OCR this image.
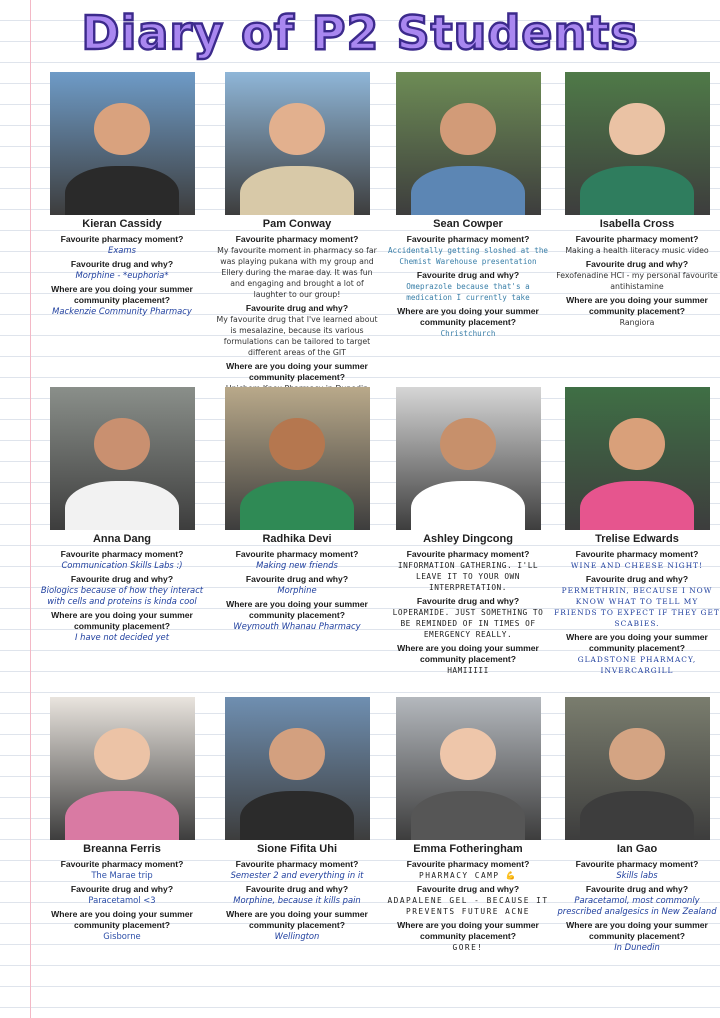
Diary of P2 Students
Kieran Cassidy
Favourite pharmacy moment?
Exams
Favourite drug and why?
Morphine - *euphoria*
Where are you doing your summer
community placement?
Mackenzie Community Pharmacy
Pam Conway
Favourite pharmacy moment?
My favourite moment in pharmacy so far was playing pukana with my group and Ellery during the marae day. It was fun and engaging and brought a lot of laughter to our group!
Favourite drug and why?
My favourite drug that I've learned about is mesalazine, because its various formulations can be tailored to target different areas of the GIT
Where are you doing your summer
community placement?
Sean Cowper
Favourite pharmacy moment?
Accidentally getting sloshed at the Chemist Warehouse presentation
Favourite drug and why?
Omeprazole because that's a medication I currently take
Where are you doing your summer
community placement?
Christchurch
Isabella Cross
Favourite pharmacy moment?
Making a health literacy music video
Favourite drug and why?
Fexofenadine HCl - my personal favourite antihistamine
Where are you doing your summer
community placement?
Rangiora
Anna Dang
Favourite pharmacy moment?
Communication Skills Labs :)
Favourite drug and why?
Biologics because of how they interact with cells and proteins is kinda cool
Where are you doing your summer
community placement?
I have not decided yet
Radhika Devi
Favourite pharmacy moment?
Making new friends
Favourite drug and why?
Morphine
Where are you doing your summer
community placement?
Weymouth Whanau Pharmacy
Ashley Dingcong
Favourite pharmacy moment?
INFORMATION GATHERING. I'LL LEAVE IT TO YOUR OWN INTERPRETATION.
Favourite drug and why?
LOPERAMIDE. JUST SOMETHING TO BE REMINDED OF IN TIMES OF EMERGENCY REALLY.
Where are you doing your summer
community placement?
HAMIIIII
Trelise Edwards
Favourite pharmacy moment?
WINE AND CHEESE NIGHT!
Favourite drug and why?
PERMETHRIN, BECAUSE I NOW KNOW WHAT TO TELL MY FRIENDS TO EXPECT IF THEY GET SCABIES.
Where are you doing your summer
community placement?
GLADSTONE PHARMACY, INVERCARGILL
Breanna Ferris
Favourite pharmacy moment?
The Marae trip
Favourite drug and why?
Paracetamol <3
Where are you doing your summer
community placement?
Gisborne
Sione Fifita Uhi
Favourite pharmacy moment?
Semester 2 and everything in it
Favourite drug and why?
Morphine, because it kills pain
Where are you doing your summer
community placement?
Wellington
Emma Fotheringham
Favourite pharmacy moment?
PHARMACY CAMP 💪
Favourite drug and why?
ADAPALENE GEL - BECAUSE IT PREVENTS FUTURE ACNE
Where are you doing your summer
community placement?
GORE!
Ian Gao
Favourite pharmacy moment?
Skills labs
Favourite drug and why?
Paracetamol, most commonly prescribed analgesics in New Zealand
Where are you doing your summer
community placement?
In Dunedin
